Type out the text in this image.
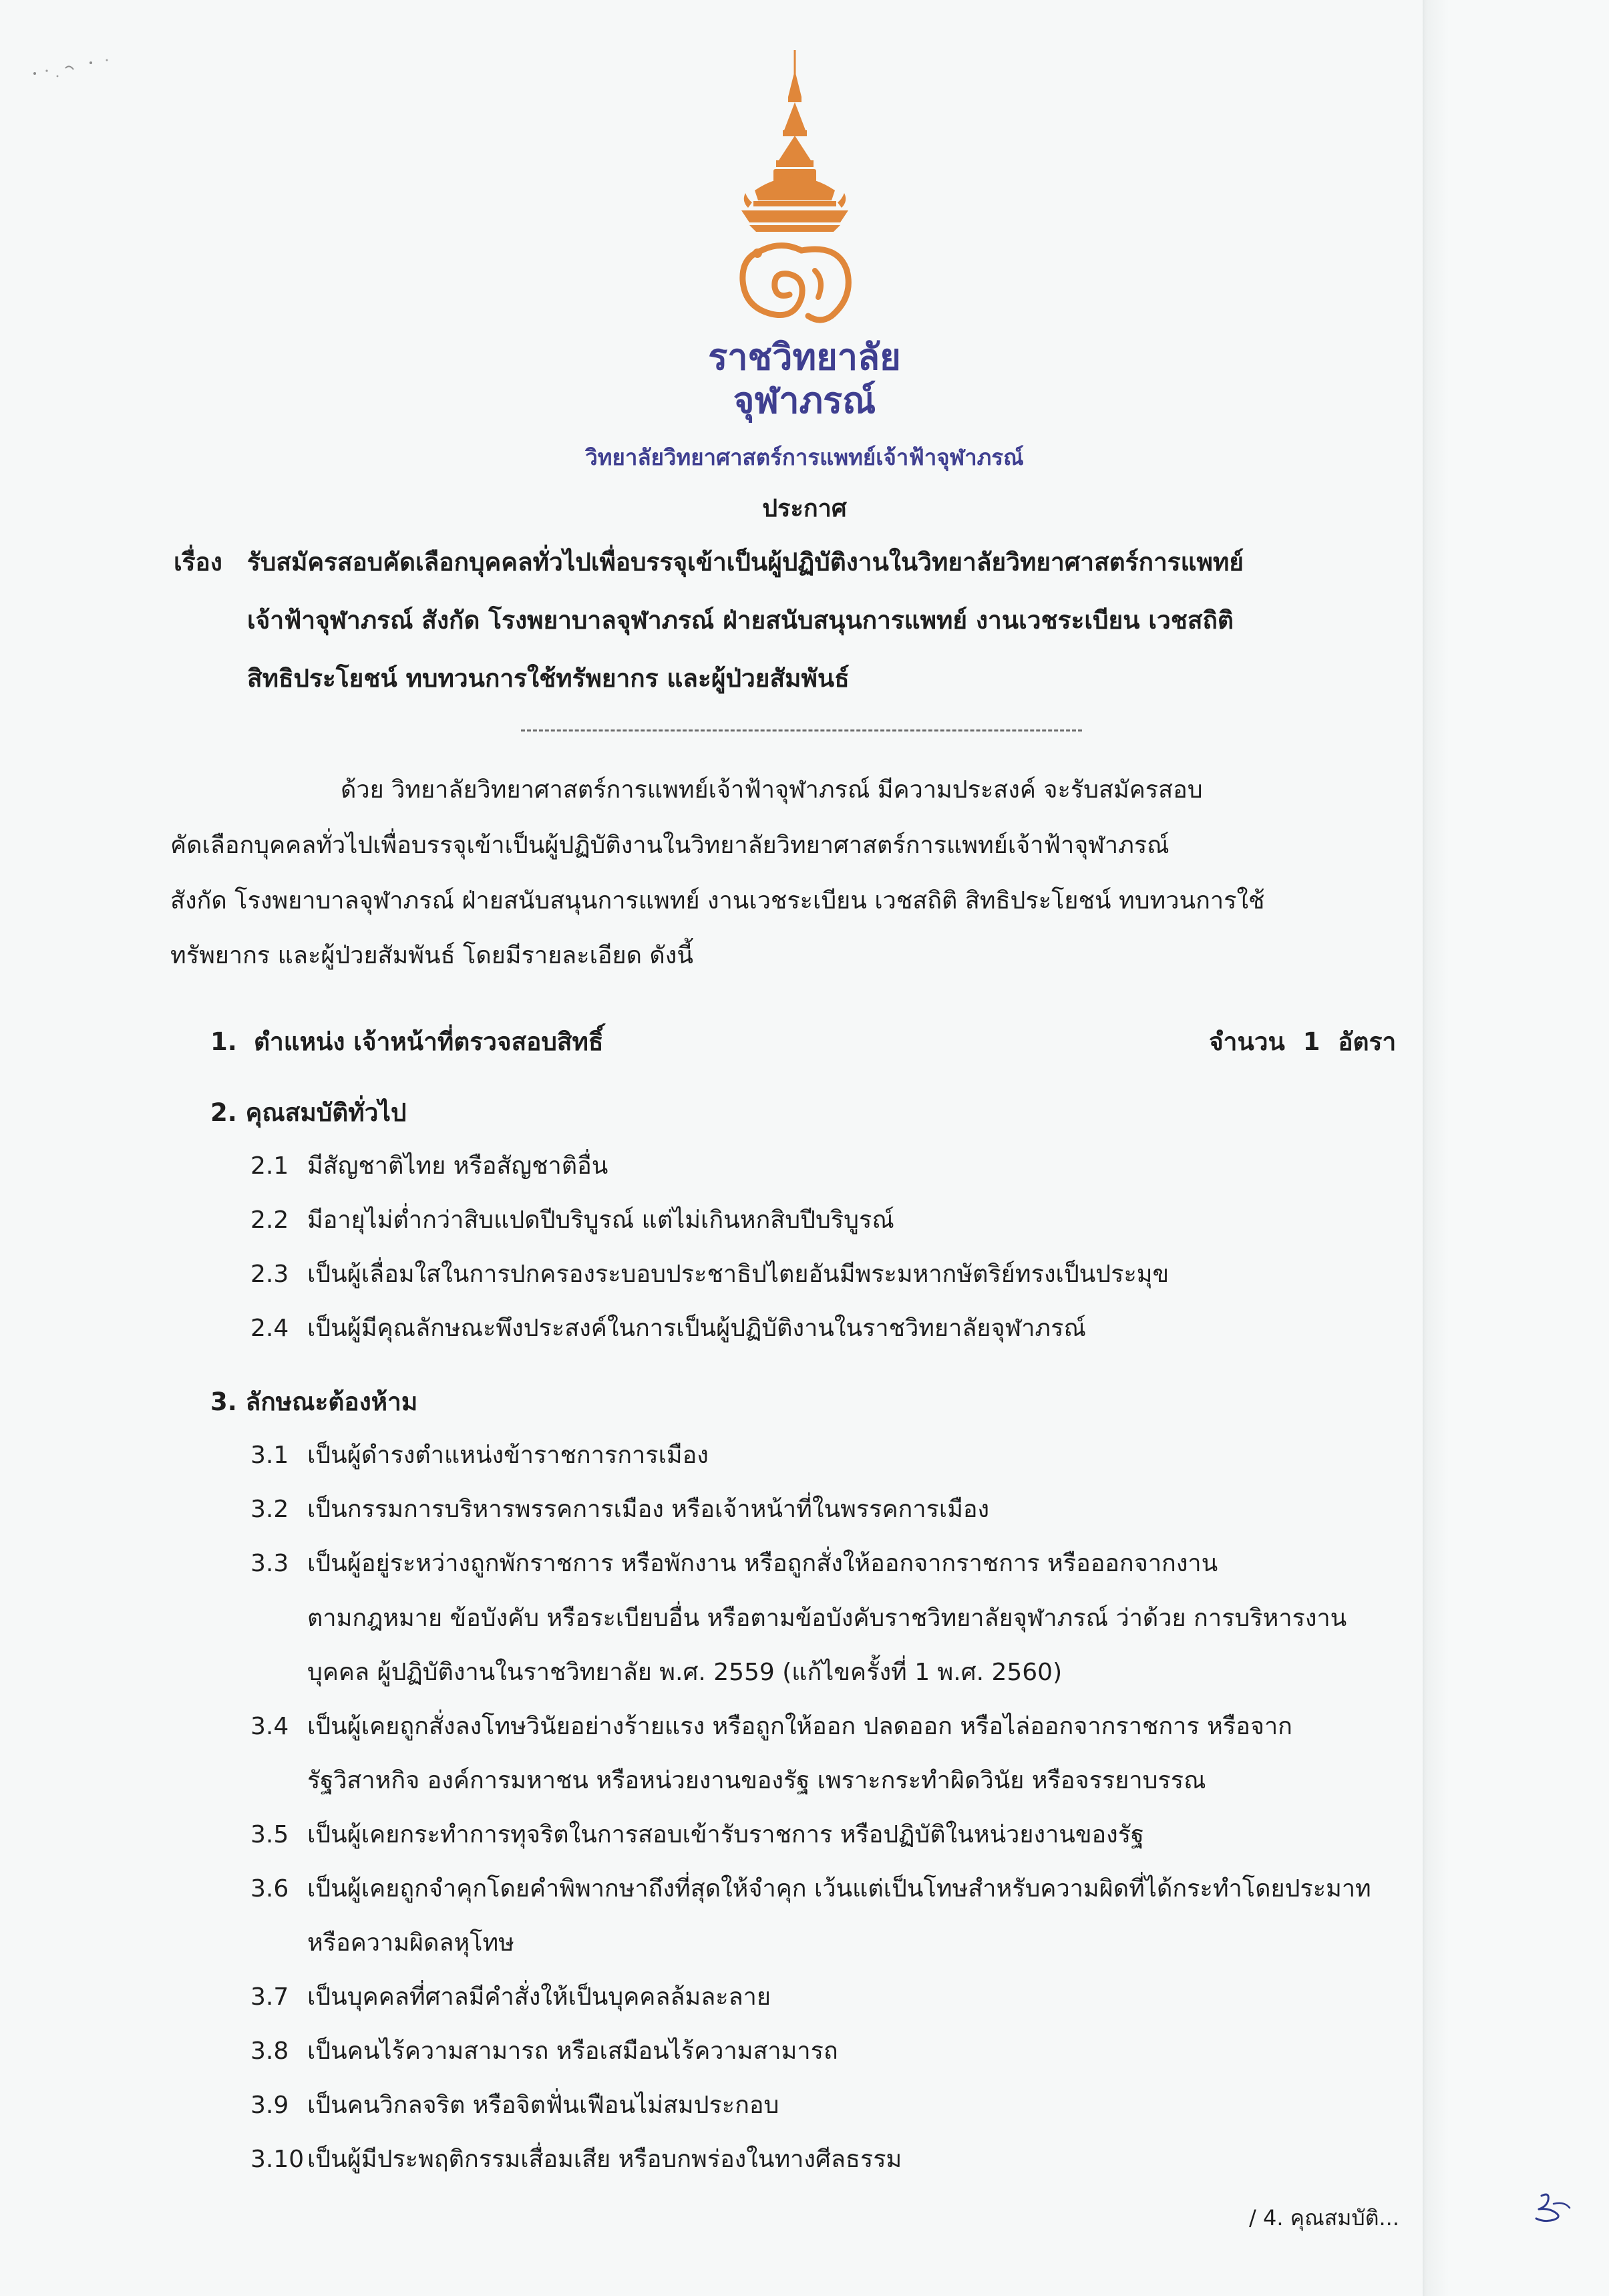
ราชวิทยาลัย
จุฬาภรณ์
วิทยาลัยวิทยาศาสตร์การแพทย์เจ้าฟ้าจุฬาภรณ์
ประกาศ
เรื่อง รับสมัครสอบคัดเลือกบุคคลทั่วไปเพื่อบรรจุเข้าเป็นผู้ปฏิบัติงานในวิทยาลัยวิทยาศาสตร์การแพทย์
เจ้าฟ้าจุฬาภรณ์ สังกัด โรงพยาบาลจุฬาภรณ์ ฝ่ายสนับสนุนการแพทย์ งานเวชระเบียน เวชสถิติ
สิทธิประโยชน์ ทบทวนการใช้ทรัพยากร และผู้ป่วยสัมพันธ์
ด้วย วิทยาลัยวิทยาศาสตร์การแพทย์เจ้าฟ้าจุฬาภรณ์ มีความประสงค์ จะรับสมัครสอบ
คัดเลือกบุคคลทั่วไปเพื่อบรรจุเข้าเป็นผู้ปฏิบัติงานในวิทยาลัยวิทยาศาสตร์การแพทย์เจ้าฟ้าจุฬาภรณ์
สังกัด โรงพยาบาลจุฬาภรณ์ ฝ่ายสนับสนุนการแพทย์ งานเวชระเบียน เวชสถิติ สิทธิประโยชน์ ทบทวนการใช้
ทรัพยากร และผู้ป่วยสัมพันธ์ โดยมีรายละเอียด ดังนี้
1. ตำแหน่ง เจ้าหน้าที่ตรวจสอบสิทธิ์	จำนวน 1 อัตรา
2. คุณสมบัติทั่วไป
2.1 มีสัญชาติไทย หรือสัญชาติอื่น
2.2 มีอายุไม่ต่ำกว่าสิบแปดปีบริบูรณ์ แต่ไม่เกินหกสิบปีบริบูรณ์
2.3 เป็นผู้เลื่อมใสในการปกครองระบอบประชาธิปไตยอันมีพระมหากษัตริย์ทรงเป็นประมุข
2.4 เป็นผู้มีคุณลักษณะพึงประสงค์ในการเป็นผู้ปฏิบัติงานในราชวิทยาลัยจุฬาภรณ์
3. ลักษณะต้องห้าม
3.1 เป็นผู้ดำรงตำแหน่งข้าราชการการเมือง
3.2 เป็นกรรมการบริหารพรรคการเมือง หรือเจ้าหน้าที่ในพรรคการเมือง
3.3 เป็นผู้อยู่ระหว่างถูกพักราชการ หรือพักงาน หรือถูกสั่งให้ออกจากราชการ หรือออกจากงาน
ตามกฎหมาย ข้อบังคับ หรือระเบียบอื่น หรือตามข้อบังคับราชวิทยาลัยจุฬาภรณ์ ว่าด้วย การบริหารงาน
บุคคล ผู้ปฏิบัติงานในราชวิทยาลัย พ.ศ. 2559 (แก้ไขครั้งที่ 1 พ.ศ. 2560)
3.4 เป็นผู้เคยถูกสั่งลงโทษวินัยอย่างร้ายแรง หรือถูกให้ออก ปลดออก หรือไล่ออกจากราชการ หรือจาก
รัฐวิสาหกิจ องค์การมหาชน หรือหน่วยงานของรัฐ เพราะกระทำผิดวินัย หรือจรรยาบรรณ
3.5 เป็นผู้เคยกระทำการทุจริตในการสอบเข้ารับราชการ หรือปฏิบัติในหน่วยงานของรัฐ
3.6 เป็นผู้เคยถูกจำคุกโดยคำพิพากษาถึงที่สุดให้จำคุก เว้นแต่เป็นโทษสำหรับความผิดที่ได้กระทำโดยประมาท
หรือความผิดลหุโทษ
3.7 เป็นบุคคลที่ศาลมีคำสั่งให้เป็นบุคคลล้มละลาย
3.8 เป็นคนไร้ความสามารถ หรือเสมือนไร้ความสามารถ
3.9 เป็นคนวิกลจริต หรือจิตฟั่นเฟือนไม่สมประกอบ
3.10 เป็นผู้มีประพฤติกรรมเสื่อมเสีย หรือบกพร่องในทางศีลธรรม
/ 4. คุณสมบัติ...
